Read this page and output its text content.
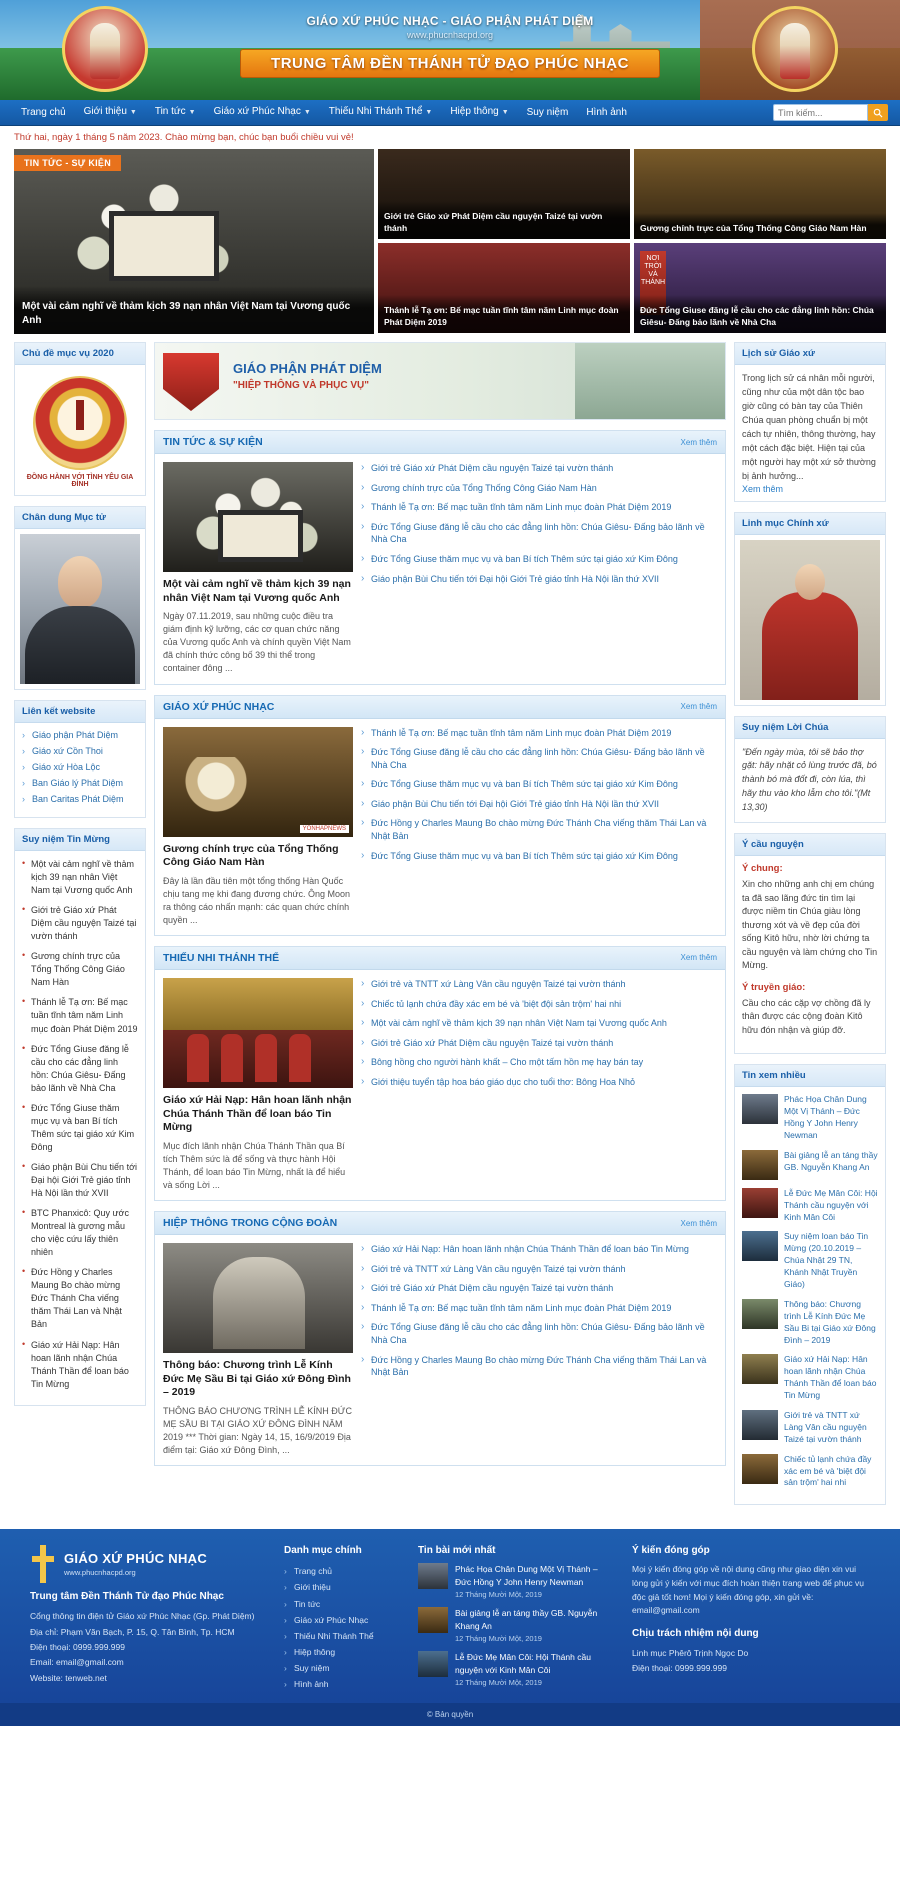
GIÁO XỨ PHÚC NHẠC - GIÁO PHẬN PHÁT DIỆM
www.phucnhacpd.org
TRUNG TÂM ĐỀN THÁNH TỬ ĐẠO PHÚC NHẠC
Trang chủ	Giới thiệu ▼	Tin tức ▼	Giáo xứ Phúc Nhạc ▼	Thiếu Nhi Thánh Thể ▼	Hiệp thông ▼	Suy niệm	Hình ảnh
Tìm kiếm...
Thứ hai, ngày 1 tháng 5 năm 2023. Chào mừng bạn, chúc bạn buổi chiều vui vẻ!
TIN TỨC - SỰ KIỆN
Một vài cảm nghĩ về thảm kịch 39 nạn nhân Việt Nam tại Vương quốc Anh
Giới trẻ Giáo xứ Phát Diệm cầu nguyện Taizé tại vườn thánh	Gương chính trực của Tổng Thống Công Giáo Nam Hàn
Thánh lễ Tạ ơn: Bế mạc tuần tĩnh tâm năm Linh mục đoàn Phát Diệm 2019
NƠI TRỜI VÀ THÁNH
Đức Tổng Giuse đăng lễ cầu cho các đẳng linh hồn: Chúa Giêsu- Đấng bảo lãnh về Nhà Cha
Chủ đề mục vụ 2020
ĐỒNG HÀNH VỚI TÌNH YÊU GIA ĐÌNH
Chân dung Mục tử
Liên kết website
› Giáo phận Phát Diệm
› Giáo xứ Cồn Thoi
› Giáo xứ Hòa Lộc
› Ban Giáo lý Phát Diệm
› Ban Caritas Phát Diệm
Suy niệm Tin Mừng
• Một vài cảm nghĩ về thảm kịch 39 nạn nhân Việt Nam tại Vương quốc Anh
• Giới trẻ Giáo xứ Phát Diệm cầu nguyện Taizé tại vườn thánh
• Gương chính trực của Tổng Thống Công Giáo Nam Hàn
• Thánh lễ Tạ ơn: Bế mạc tuần tĩnh tâm năm Linh mục đoàn Phát Diệm 2019
• Đức Tổng Giuse đăng lễ cầu cho các đẳng linh hồn: Chúa Giêsu- Đấng bảo lãnh về Nhà Cha
• Đức Tổng Giuse thăm mục vụ và ban Bí tích Thêm sức tại giáo xứ Kim Đông
• Giáo phận Bùi Chu tiến tới Đại hội Giới Trẻ giáo tỉnh Hà Nội lần thứ XVII
• BTC Phanxicô: Quy ước Montreal là gương mẫu cho việc cứu lấy thiên nhiên
• Đức Hồng y Charles Maung Bo chào mừng Đức Thánh Cha viếng thăm Thái Lan và Nhật Bản
• Giáo xứ Hải Nạp: Hân hoan lãnh nhận Chúa Thánh Thần để loan báo Tin Mừng
GIÁO PHẬN PHÁT DIỆM
"HIỆP THÔNG VÀ PHỤC VỤ"
TIN TỨC & SỰ KIỆN	Xem thêm
Một vài cảm nghĩ về thảm kịch 39 nạn nhân Việt Nam tại Vương quốc Anh
Ngày 07.11.2019, sau những cuộc điều tra giám định kỹ lưỡng, các cơ quan chức năng của Vương quốc Anh và chính quyền Việt Nam đã chính thức công bố 39 thi thể trong container đông ...
› Giới trẻ Giáo xứ Phát Diệm cầu nguyện Taizé tại vườn thánh
› Gương chính trực của Tổng Thống Công Giáo Nam Hàn
› Thánh lễ Tạ ơn: Bế mạc tuần tĩnh tâm năm Linh mục đoàn Phát Diệm 2019
› Đức Tổng Giuse đăng lễ cầu cho các đẳng linh hồn: Chúa Giêsu- Đấng bảo lãnh về Nhà Cha
› Đức Tổng Giuse thăm mục vụ và ban Bí tích Thêm sức tại giáo xứ Kim Đông
› Giáo phận Bùi Chu tiến tới Đại hội Giới Trẻ giáo tỉnh Hà Nội lần thứ XVII
GIÁO XỨ PHÚC NHẠC	Xem thêm
YONHAPNEWS
Gương chính trực của Tổng Thống Công Giáo Nam Hàn
Đây là lần đầu tiên một tổng thống Hàn Quốc chịu tang mẹ khi đang đương chức. Ông Moon ra thông cáo nhấn mạnh: các quan chức chính quyền ...
› Thánh lễ Tạ ơn: Bế mạc tuần tĩnh tâm năm Linh mục đoàn Phát Diệm 2019
› Đức Tổng Giuse đăng lễ cầu cho các đẳng linh hồn: Chúa Giêsu- Đấng bảo lãnh về Nhà Cha
› Đức Tổng Giuse thăm mục vụ và ban Bí tích Thêm sức tại giáo xứ Kim Đông
› Giáo phận Bùi Chu tiến tới Đại hội Giới Trẻ giáo tỉnh Hà Nội lần thứ XVII
› Đức Hồng y Charles Maung Bo chào mừng Đức Thánh Cha viếng thăm Thái Lan và Nhật Bản
› Đức Tổng Giuse thăm mục vụ và ban Bí tích Thêm sức tại giáo xứ Kim Đông
THIẾU NHI THÁNH THỂ	Xem thêm
Giáo xứ Hải Nạp: Hân hoan lãnh nhận Chúa Thánh Thần để loan báo Tin Mừng
Mục đích lãnh nhận Chúa Thánh Thần qua Bí tích Thêm sức là để sống và thực hành Hội Thánh, để loan báo Tin Mừng, nhất là để hiểu và sống Lời ...
› Giới trẻ và TNTT xứ Làng Vân cầu nguyện Taizé tại vườn thánh
› Chiếc tủ lạnh chứa đầy xác em bé và 'biệt đội sản trộm' hai nhi
› Một vài cảm nghĩ về thảm kịch 39 nạn nhân Việt Nam tại Vương quốc Anh
› Giới trẻ Giáo xứ Phát Diệm cầu nguyện Taizé tại vườn thánh
› Bông hồng cho người hành khất – Cho một tấm hồn mẹ hay bán tay
› Giới thiệu tuyển tập hoa báo giáo dục cho tuổi thơ: Bông Hoa Nhỏ
HIỆP THÔNG TRONG CỘNG ĐOÀN	Xem thêm
Thông báo: Chương trình Lễ Kính Đức Mẹ Sầu Bi tại Giáo xứ Đông Đình – 2019
THÔNG BÁO CHƯƠNG TRÌNH LỄ KÍNH ĐỨC MẸ SẦU BI TẠI GIÁO XỨ ĐÔNG ĐÌNH NĂM 2019 *** Thời gian: Ngày 14, 15, 16/9/2019 Địa điểm tại: Giáo xứ Đông Đình, ...
› Giáo xứ Hải Nạp: Hân hoan lãnh nhận Chúa Thánh Thần để loan báo Tin Mừng
› Giới trẻ và TNTT xứ Làng Vân cầu nguyện Taizé tại vườn thánh
› Giới trẻ Giáo xứ Phát Diệm cầu nguyện Taizé tại vườn thánh
› Thánh lễ Tạ ơn: Bế mạc tuần tĩnh tâm năm Linh mục đoàn Phát Diệm 2019
› Đức Tổng Giuse đăng lễ cầu cho các đẳng linh hồn: Chúa Giêsu- Đấng bảo lãnh về Nhà Cha
› Đức Hồng y Charles Maung Bo chào mừng Đức Thánh Cha viếng thăm Thái Lan và Nhật Bản
Lịch sử Giáo xứ
Trong lịch sử cá nhân mỗi người, cũng như của một dân tộc bao giờ cũng có bàn tay của Thiên Chúa quan phòng chuẩn bị một cách tự nhiên, thông thường, hay một cách đặc biệt. Hiện tại của một người hay một xứ sở thường bị ảnh hưởng...
Xem thêm
Linh mục Chính xứ
Suy niệm Lời Chúa
"Đến ngày mùa, tôi sẽ bảo thợ gặt: hãy nhặt cỏ lùng trước đã, bó thành bó mà đốt đi, còn lúa, thì hãy thu vào kho lẫm cho tôi."(Mt 13,30)
Ý cầu nguyện
Ý chung:
Xin cho những anh chị em chúng ta đã sao lãng đức tin tìm lại được niềm tin Chúa giàu lòng thương xót và về đẹp của đời sống Kitô hữu, nhờ lời chứng ta cầu nguyện và làm chứng cho Tin Mừng.
Ý truyền giáo:
Cầu cho các cặp vợ chồng đã ly thân được các cộng đoàn Kitô hữu đón nhận và giúp đỡ.
Tin xem nhiều
Phác Họa Chân Dung Một Vị Thánh – Đức Hồng Y John Henry Newman
Bài giảng lễ an táng thầy GB. Nguyễn Khang An
Lễ Đức Mẹ Mân Côi: Hội Thánh cầu nguyện với Kinh Mân Côi
Suy niệm loan báo Tin Mừng (20.10.2019 – Chúa Nhật 29 TN, Khánh Nhật Truyền Giáo)
Thông báo: Chương trình Lễ Kính Đức Mẹ Sầu Bi tại Giáo xứ Đông Đình – 2019
Giáo xứ Hải Nạp: Hân hoan lãnh nhận Chúa Thánh Thần để loan báo Tin Mừng
Giới trẻ và TNTT xứ Làng Vân cầu nguyện Taizé tại vườn thánh
Chiếc tủ lạnh chứa đầy xác em bé và 'biệt đội sản trộm' hai nhi
GIÁO XỨ PHÚC NHẠC
www.phucnhacpd.org
Trung tâm Đền Thánh Tử đạo Phúc Nhạc
Cổng thông tin điện tử Giáo xứ Phúc Nhạc (Gp. Phát Diệm)
Địa chỉ: Phạm Văn Bạch, P. 15, Q. Tân Bình, Tp. HCM
Điện thoại: 0999.999.999
Email: email@gmail.com
Website: tenweb.net
Danh mục chính
› Trang chủ
› Giới thiệu
› Tin tức
› Giáo xứ Phúc Nhạc
› Thiếu Nhi Thánh Thể
› Hiệp thông
› Suy niệm
› Hình ảnh
Tin bài mới nhất
Phác Họa Chân Dung Một Vị Thánh – Đức Hồng Y John Henry Newman
12 Tháng Mười Một, 2019
Bài giảng lễ an táng thầy GB. Nguyễn Khang An
12 Tháng Mười Một, 2019
Lễ Đức Mẹ Mân Côi: Hội Thánh cầu nguyện với Kinh Mân Côi
12 Tháng Mười Một, 2019
Ý kiến đóng góp
Mọi ý kiến đóng góp về nội dung cũng như giao diện xin vui lòng gửi ý kiến với mục đích hoàn thiện trang web để phục vụ độc giả tốt hơn! Mọi ý kiến đóng góp, xin gửi về: email@gmail.com
Chịu trách nhiệm nội dung
Linh mục Phêrô Trịnh Ngọc Do
Điện thoại: 0999.999.999
© Bản quyền
